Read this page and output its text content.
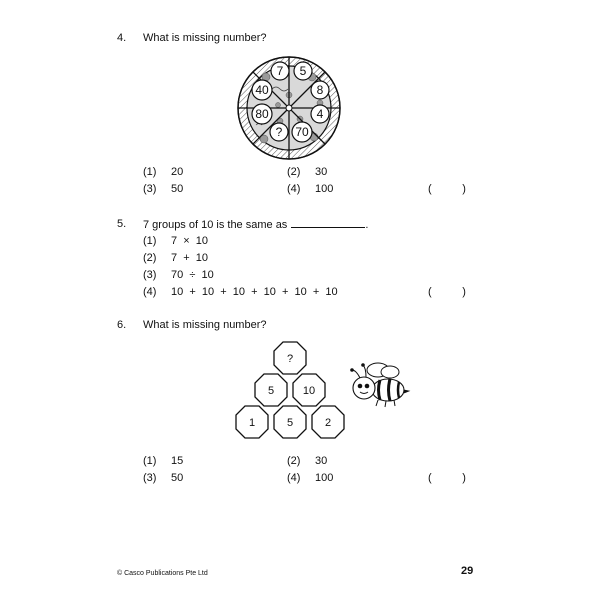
4. What is missing number?
7 5
8
4
70
?
80
40
(1) 20	(2) 30
(3) 50	(4) 100	(          )
5. 7 groups of 10 is the same as	.
(1) 7  ×  10
(2) 7  +  10
(3) 70  ÷  10
(4) 10  +  10  +  10  +  10  +  10  +  10	(          )
6. What is missing number?
?
5	10
1	5	2
(1) 15	(2) 30
(3) 50	(4) 100	(          )
© Casco Publications Pte Ltd	29
